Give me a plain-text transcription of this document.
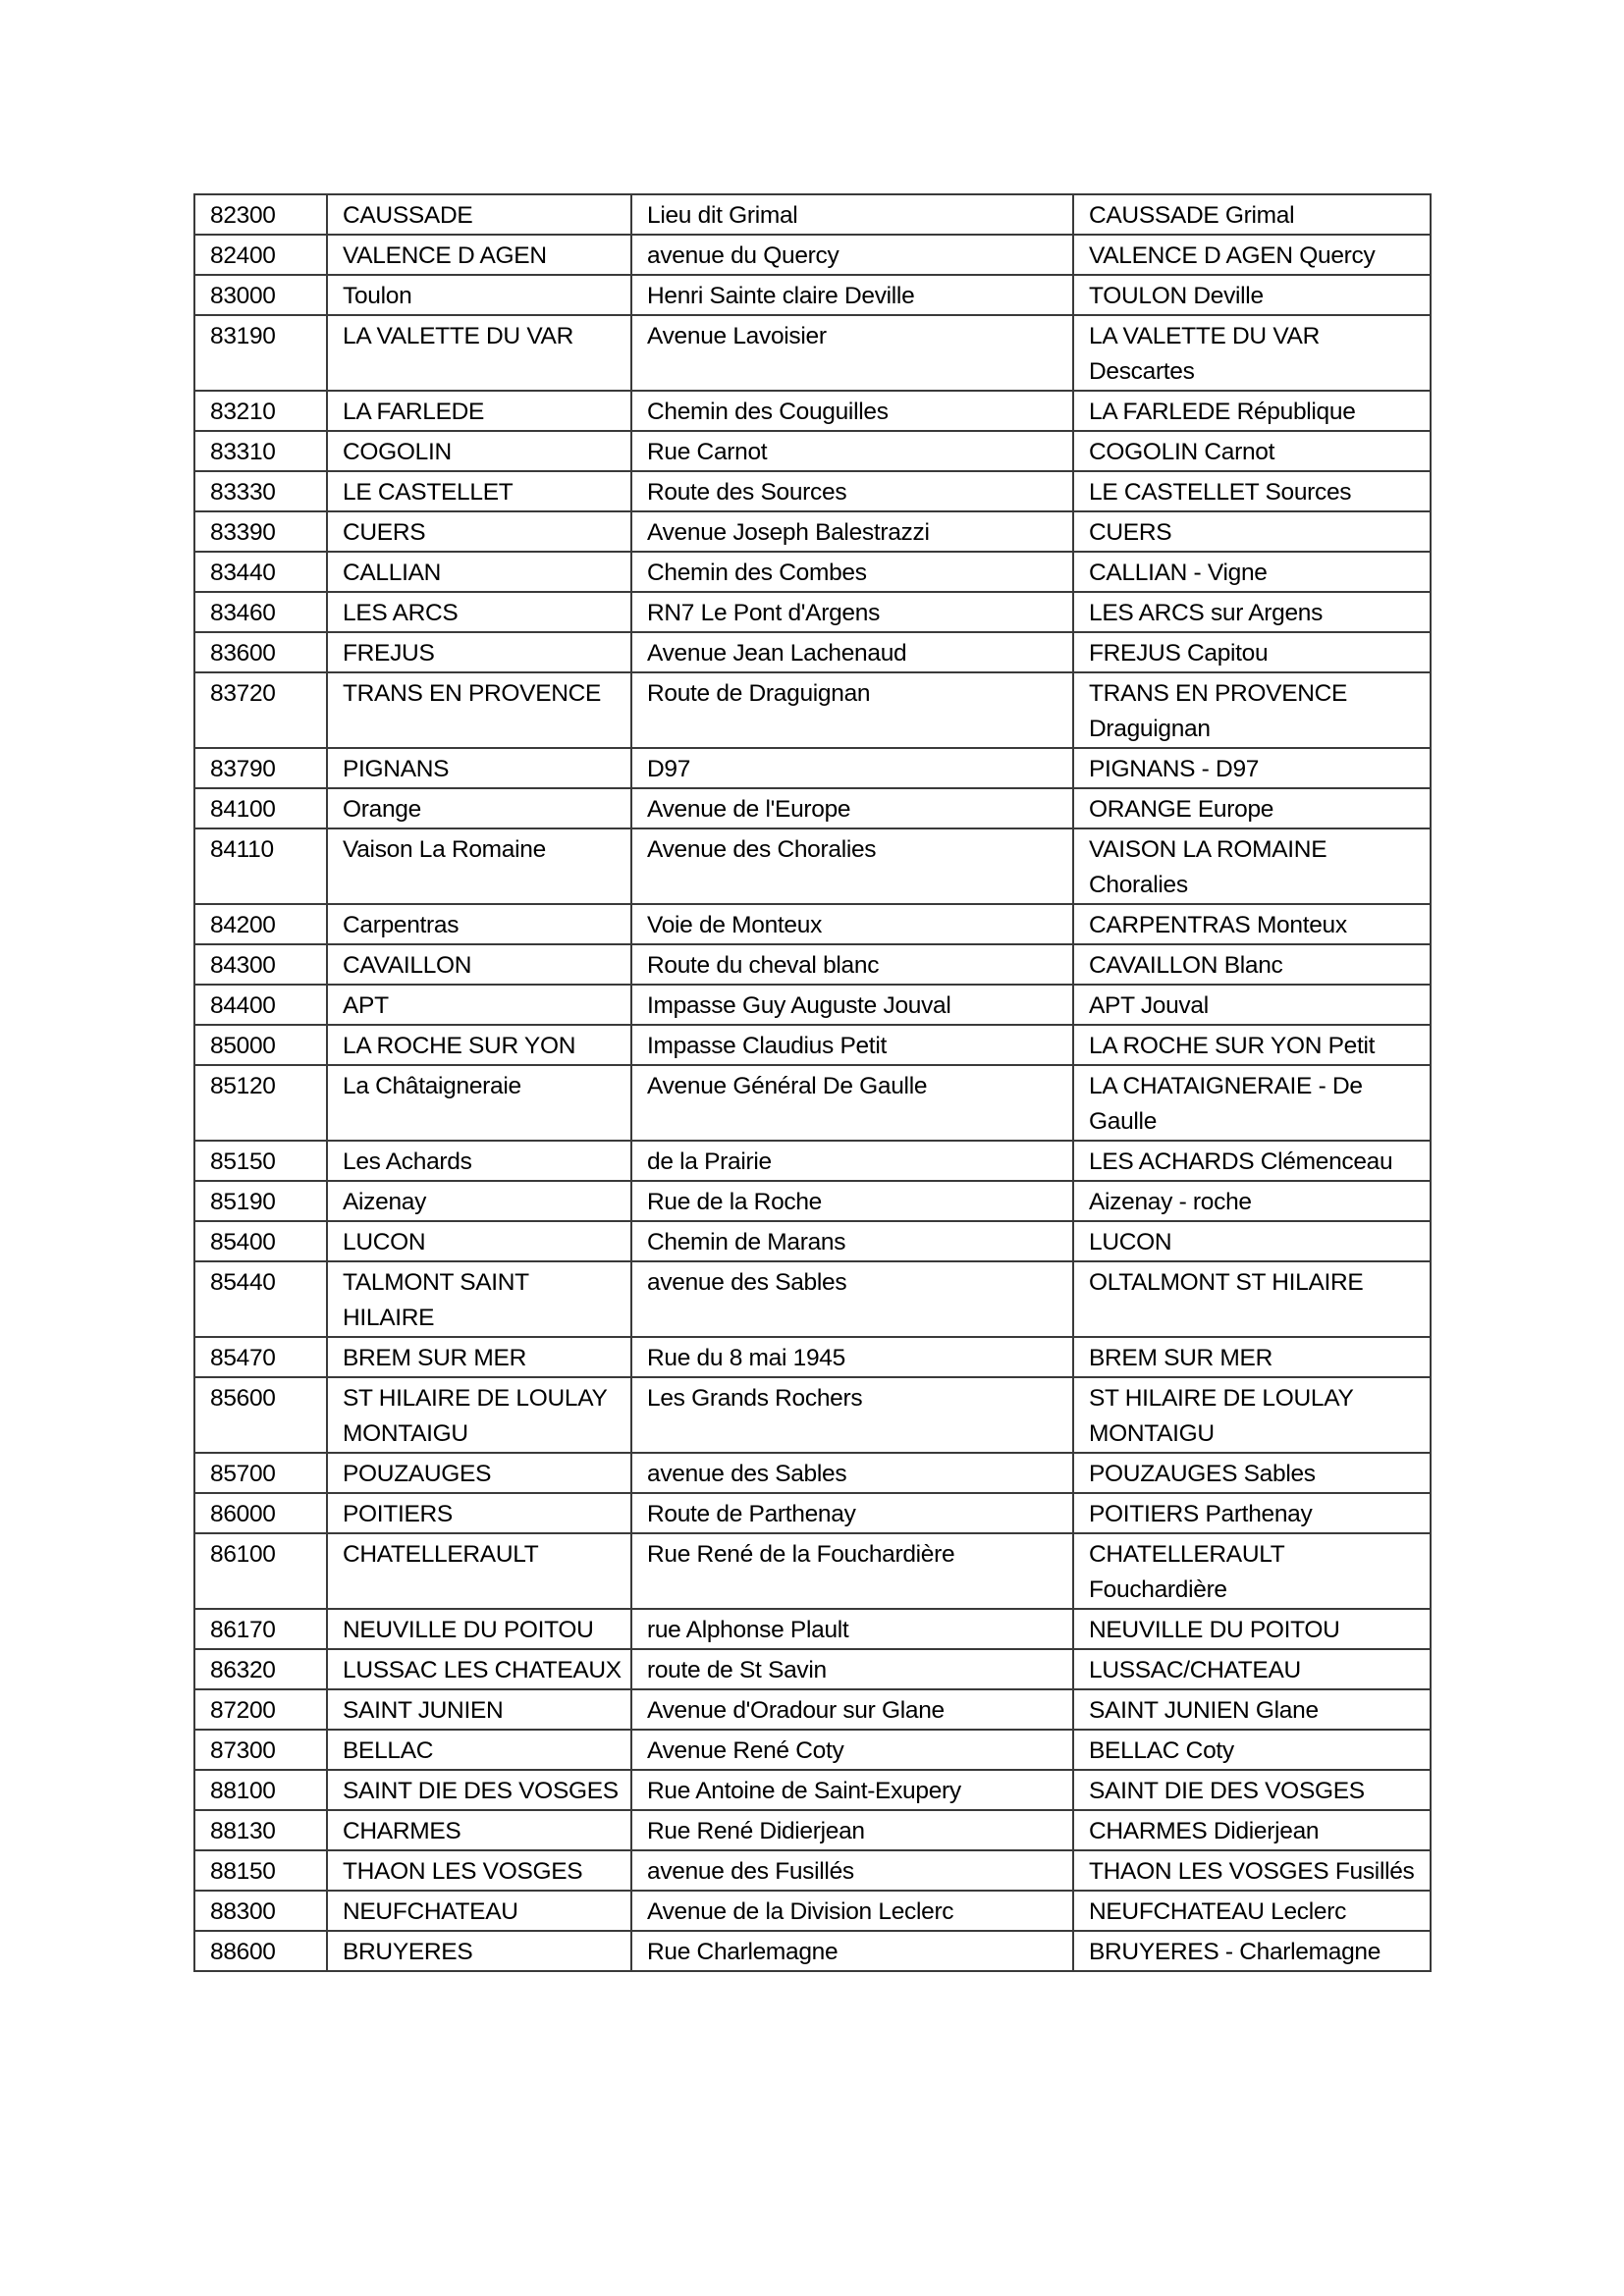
82300	CAUSSADE	Lieu dit Grimal	CAUSSADE Grimal

82400	VALENCE D AGEN	avenue du Quercy	VALENCE D AGEN Quercy

83000	Toulon	Henri Sainte claire Deville	TOULON Deville

83190	LA VALETTE DU VAR	Avenue Lavoisier	LA VALETTE DU VAR Descartes

83210	LA FARLEDE	Chemin des Couguilles	LA FARLEDE République

83310	COGOLIN	Rue Carnot	COGOLIN Carnot

83330	LE CASTELLET	Route des Sources	LE CASTELLET Sources

83390	CUERS	Avenue Joseph Balestrazzi	CUERS

83440	CALLIAN	Chemin des Combes	CALLIAN - Vigne

83460	LES ARCS	RN7 Le Pont d'Argens	LES ARCS sur Argens

83600	FREJUS	Avenue Jean Lachenaud	FREJUS Capitou

83720	TRANS EN PROVENCE	Route de Draguignan	TRANS EN PROVENCE Draguignan

83790	PIGNANS	D97	PIGNANS - D97

84100	Orange	Avenue de l'Europe	ORANGE Europe

84110	Vaison La Romaine	Avenue des Choralies	VAISON LA ROMAINE Choralies

84200	Carpentras	Voie de Monteux	CARPENTRAS Monteux

84300	CAVAILLON	Route du cheval blanc	CAVAILLON Blanc

84400	APT	Impasse Guy Auguste Jouval	APT Jouval

85000	LA ROCHE SUR YON	Impasse Claudius Petit	LA ROCHE SUR YON Petit

85120	La Châtaigneraie	Avenue Général De Gaulle	LA CHATAIGNERAIE - De Gaulle

85150	Les Achards	de la Prairie	LES ACHARDS Clémenceau

85190	Aizenay	Rue de la Roche	Aizenay - roche

85400	LUCON	Chemin de Marans	LUCON

85440	TALMONT SAINT HILAIRE	avenue des Sables	OLTALMONT ST HILAIRE

85470	BREM SUR MER	Rue du 8 mai 1945	BREM SUR MER

85600	ST HILAIRE DE LOULAY MONTAIGU	Les Grands Rochers	ST HILAIRE DE LOULAY MONTAIGU

85700	POUZAUGES	avenue des Sables	POUZAUGES Sables

86000	POITIERS	Route de Parthenay	POITIERS Parthenay

86100	CHATELLERAULT	Rue René de la Fouchardière	CHATELLERAULT Fouchardière

86170	NEUVILLE DU POITOU	rue Alphonse Plault	NEUVILLE DU POITOU

86320	LUSSAC LES CHATEAUX	route de St Savin	LUSSAC/CHATEAU

87200	SAINT JUNIEN	Avenue d'Oradour sur Glane	SAINT JUNIEN Glane

87300	BELLAC	Avenue René Coty	BELLAC Coty

88100	SAINT DIE DES VOSGES	Rue Antoine de Saint-Exupery	SAINT DIE DES VOSGES

88130	CHARMES	Rue René Didierjean	CHARMES Didierjean

88150	THAON LES VOSGES	avenue des Fusillés	THAON LES VOSGES Fusillés

88300	NEUFCHATEAU	Avenue de la Division Leclerc	NEUFCHATEAU Leclerc

88600	BRUYERES	Rue Charlemagne	BRUYERES - Charlemagne
